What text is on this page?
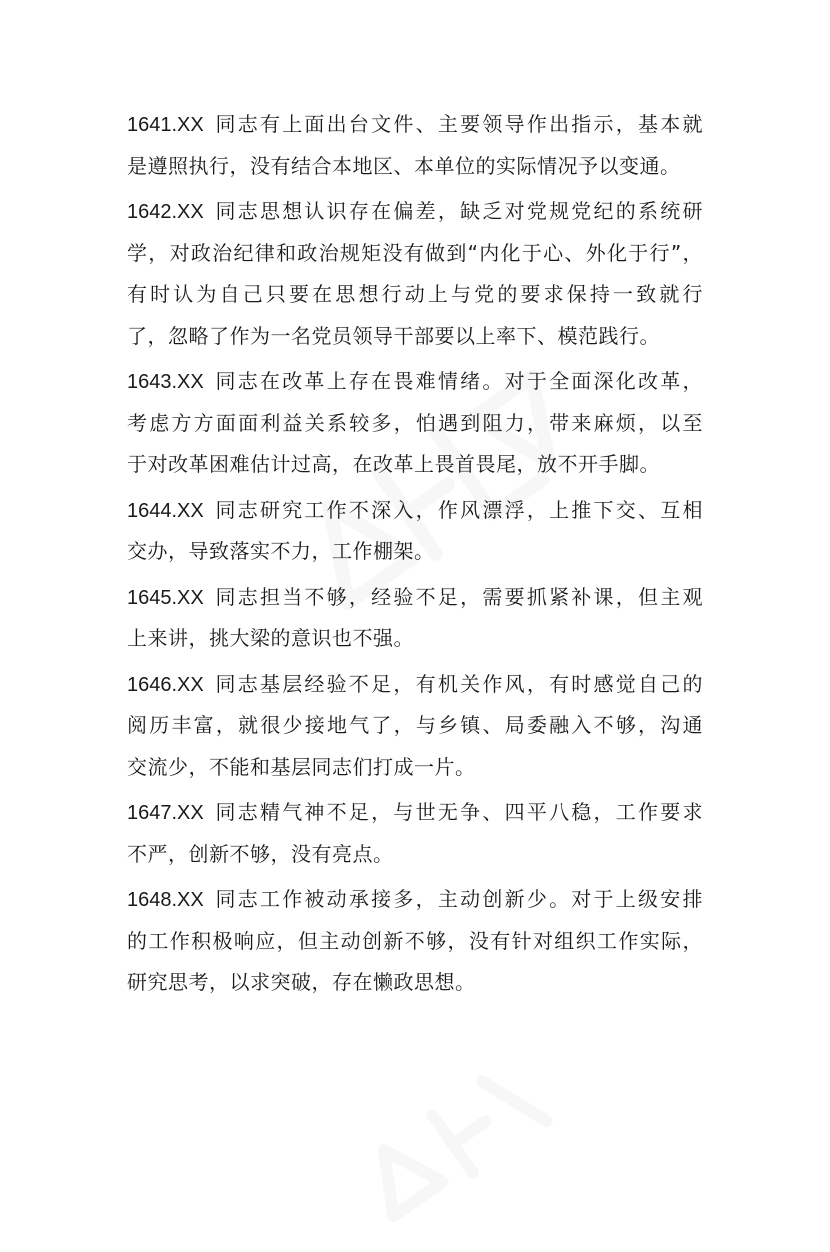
1641.XX 同志有上面出台文件、主要领导作出指示，基本就
是遵照执行，没有结合本地区、本单位的实际情况予以变通。
1642.XX 同志思想认识存在偏差，缺乏对党规党纪的系统研
学，对政治纪律和政治规矩没有做到“内化于心、外化于行”，
有时认为自己只要在思想行动上与党的要求保持一致就行
了，忽略了作为一名党员领导干部要以上率下、模范践行。
1643.XX 同志在改革上存在畏难情绪。对于全面深化改革，
考虑方方面面利益关系较多，怕遇到阻力，带来麻烦，以至
于对改革困难估计过高，在改革上畏首畏尾，放不开手脚。
1644.XX 同志研究工作不深入，作风漂浮，上推下交、互相
交办，导致落实不力，工作棚架。
1645.XX 同志担当不够，经验不足，需要抓紧补课，但主观
上来讲，挑大梁的意识也不强。
1646.XX 同志基层经验不足，有机关作风，有时感觉自己的
阅历丰富，就很少接地气了，与乡镇、局委融入不够，沟通
交流少，不能和基层同志们打成一片。
1647.XX 同志精气神不足，与世无争、四平八稳，工作要求
不严，创新不够，没有亮点。
1648.XX 同志工作被动承接多，主动创新少。对于上级安排
的工作积极响应，但主动创新不够，没有针对组织工作实际，
研究思考，以求突破，存在懒政思想。
